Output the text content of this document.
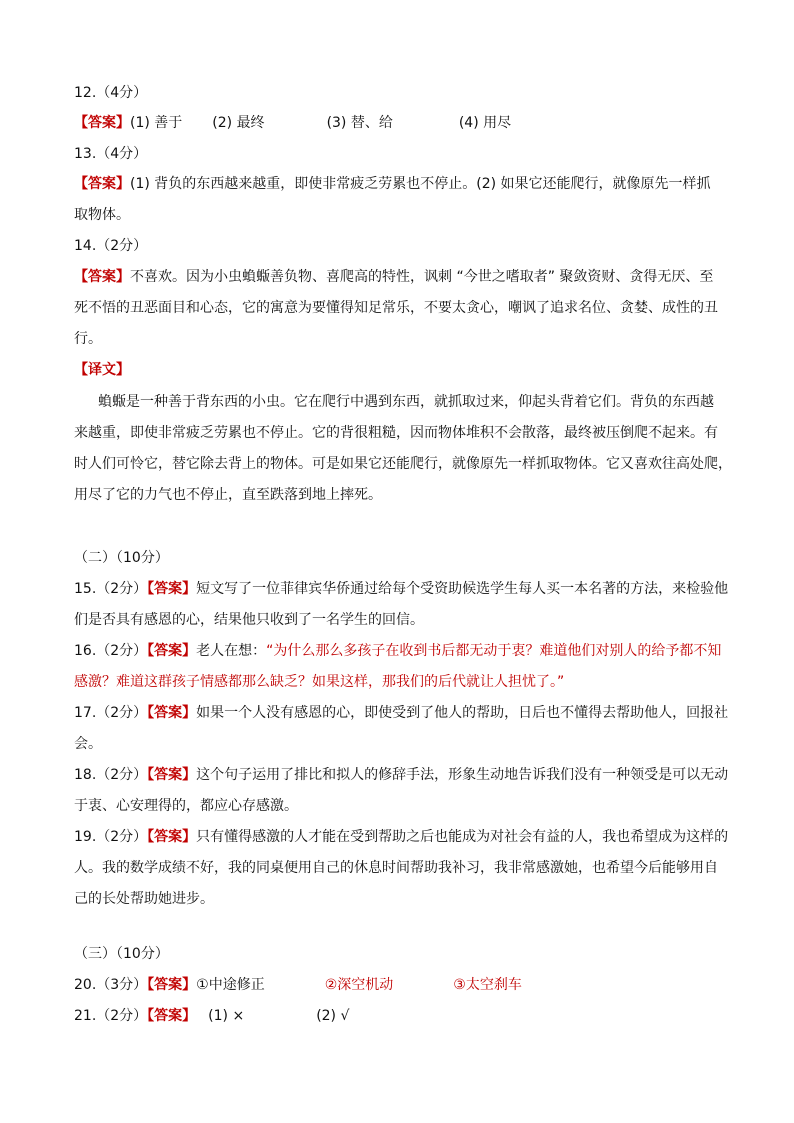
12.（4分）
【答案】(1) 善于 (2) 最终	(3) 替、给	(4) 用尽
13.（4分）
【答案】(1) 背负的东西越来越重，即使非常疲乏劳累也不停止。(2) 如果它还能爬行，就像原先一样抓
取物体。
14.（2分）
【答案】不喜欢。因为小虫蝜蝂善负物、喜爬高的特性，讽刺 “今世之嗜取者” 聚敛资财、贪得无厌、至
死不悟的丑恶面目和心态，它的寓意为要懂得知足常乐，不要太贪心，嘲讽了追求名位、贪婪、成性的丑
行。
【译文】
蝜蝂是一种善于背东西的小虫。它在爬行中遇到东西，就抓取过来，仰起头背着它们。背负的东西越
来越重，即使非常疲乏劳累也不停止。它的背很粗糙，因而物体堆积不会散落，最终被压倒爬不起来。有
时人们可怜它，替它除去背上的物体。可是如果它还能爬行，就像原先一样抓取物体。它又喜欢往高处爬，
用尽了它的力气也不停止，直至跌落到地上摔死。
（二）（10分）
15.（2分）【答案】短文写了一位菲律宾华侨通过给每个受资助候选学生每人买一本名著的方法，来检验他
们是否具有感恩的心，结果他只收到了一名学生的回信。
16.（2分）【答案】老人在想：“为什么那么多孩子在收到书后都无动于衷？难道他们对别人的给予都不知
感激？难道这群孩子情感都那么缺乏？如果这样，那我们的后代就让人担忧了。”
17.（2分）【答案】如果一个人没有感恩的心，即使受到了他人的帮助，日后也不懂得去帮助他人，回报社
会。
18.（2分）【答案】这个句子运用了排比和拟人的修辞手法，形象生动地告诉我们没有一种领受是可以无动
于衷、心安理得的，都应心存感激。
19.（2分）【答案】只有懂得感激的人才能在受到帮助之后也能成为对社会有益的人，我也希望成为这样的
人。我的数学成绩不好，我的同桌便用自己的休息时间帮助我补习，我非常感激她，也希望今后能够用自
己的长处帮助她进步。
（三）（10分）
20.（3分）【答案】①中途修正	②深空机动	③太空刹车
21.（2分）【答案】 (1) ×	(2) √
